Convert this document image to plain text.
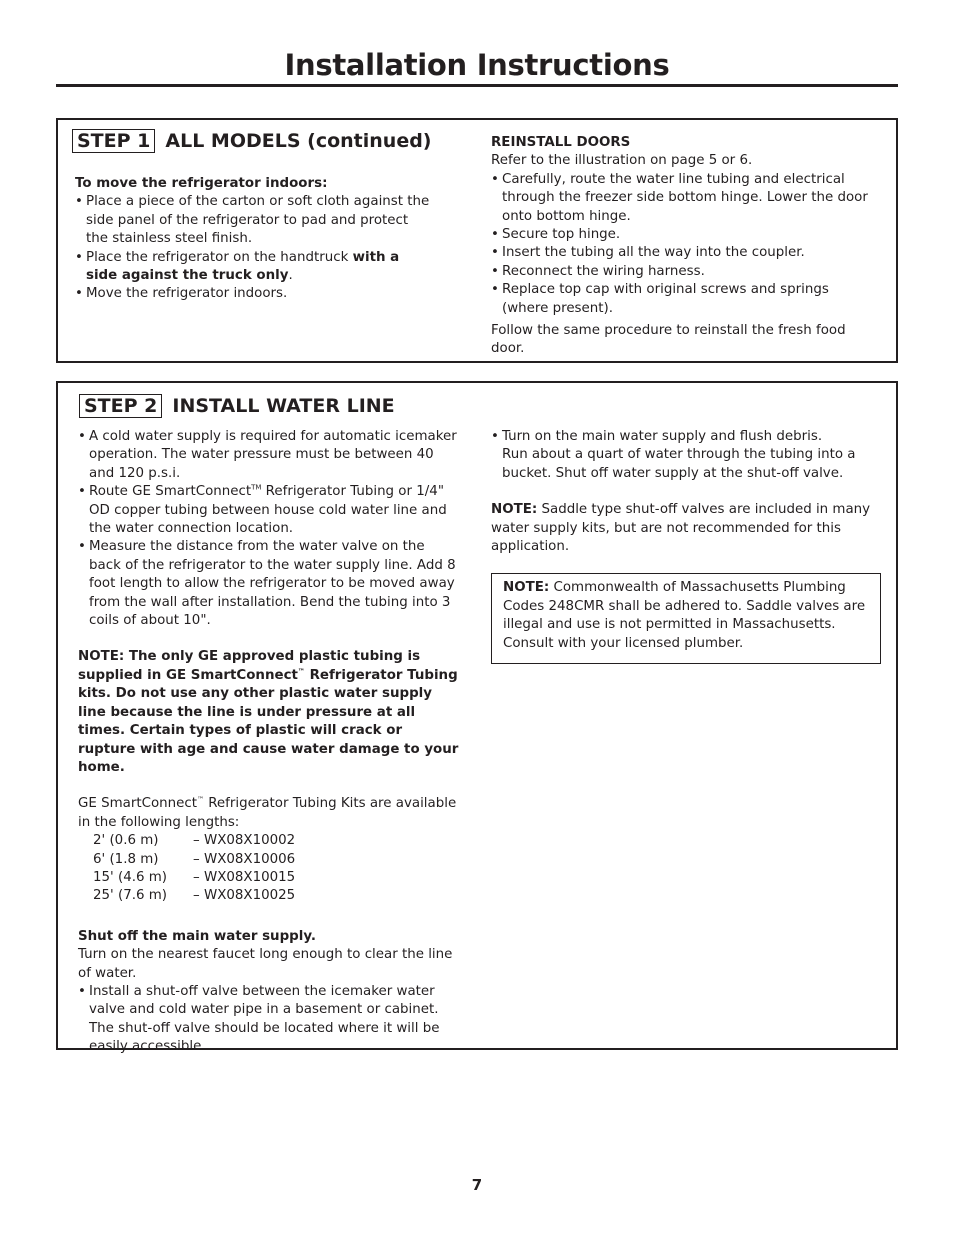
Installation Instructions
STEP 1 ALL MODELS (continued)

To move the refrigerator indoors:

• Place a piece of the carton or soft cloth against the side panel of the refrigerator to pad and protect the stainless steel finish.
• Place the refrigerator on the handtruck with a side against the truck only.
• Move the refrigerator indoors.

REINSTALL DOORS

Refer to the illustration on page 5 or 6.

• Carefully, route the water line tubing and electrical through the freezer side bottom hinge. Lower the door onto bottom hinge.
• Secure top hinge.
• Insert the tubing all the way into the coupler.
• Reconnect the wiring harness.
• Replace top cap with original screws and springs (where present).

Follow the same procedure to reinstall the fresh food door.

STEP 2 INSTALL WATER LINE
• A cold water supply is required for automatic icemaker operation. The water pressure must be between 40 and 120 p.s.i.
• Route GE SmartConnect™ Refrigerator Tubing or 1/4" OD copper tubing between house cold water line and the water connection location.
• Measure the distance from the water valve on the back of the refrigerator to the water supply line. Add 8 foot length to allow the refrigerator to be moved away from the wall after installation. Bend the tubing into 3 coils of about 10".

NOTE: The only GE approved plastic tubing is supplied in GE SmartConnect™ Refrigerator Tubing kits. Do not use any other plastic water supply line because the line is under pressure at all times. Certain types of plastic will crack or rupture with age and cause water damage to your home.

GE SmartConnect™ Refrigerator Tubing Kits are available in the following lengths:

2' (0.6 m)	– WX08X10002
6' (1.8 m)	– WX08X10006
15' (4.6 m)	– WX08X10015
25' (7.6 m)	– WX08X10025

Shut off the main water supply.

Turn on the nearest faucet long enough to clear the line of water.

• Install a shut-off valve between the icemaker water valve and cold water pipe in a basement or cabinet. The shut-off valve should be located where it will be easily accessible.
• Turn on the main water supply and flush debris.
Run about a quart of water through the tubing into a bucket. Shut off water supply at the shut-off valve.

NOTE: Saddle type shut-off valves are included in many water supply kits, but are not recommended for this application.

NOTE: Commonwealth of Massachusetts Plumbing Codes 248CMR shall be adhered to. Saddle valves are illegal and use is not permitted in Massachusetts. Consult with your licensed plumber.

7
